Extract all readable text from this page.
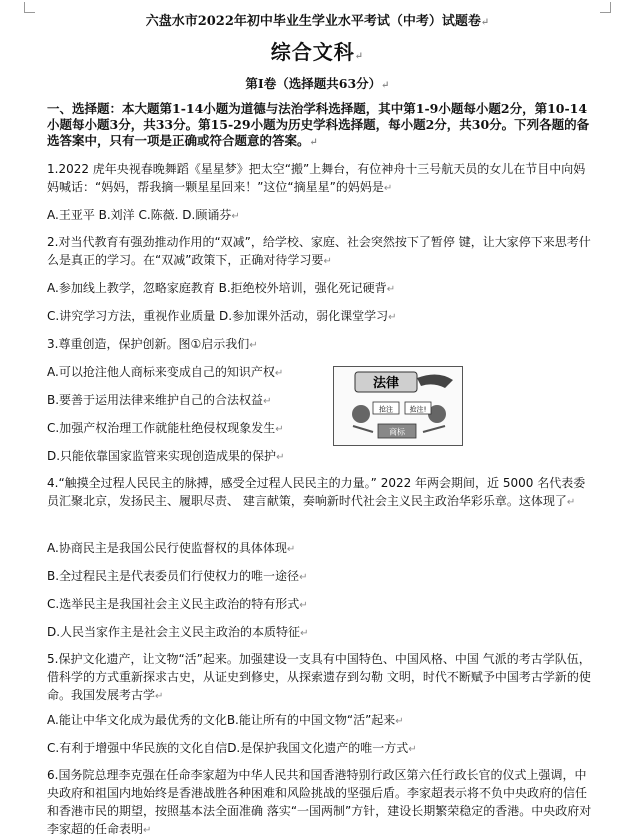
六盘水市2022年初中毕业生学业水平考试（中考）试题卷↵
综合文科↵
第Ⅰ卷（选择题共63分）↵
一、选择题：本大题第1-14小题为道德与法治学科选择题，其中第1-9小题每小题2分，第10-14小题每小题3分，共33分。第15-29小题为历史学科选择题，每小题2分，共30分。下列各题的备选答案中，只有一项是正确或符合题意的答案。↵
1.2022 虎年央视春晚舞蹈《星星梦》把太空“搬”上舞台，有位神舟十三号航天员的女儿在节目中向妈妈喊话：“妈妈，帮我摘一颗星星回来！”这位“摘星星”的妈妈是↵
A.王亚平 B.刘洋 C.陈薇. D.顾诵芬↵
2.对当代教育有强劲推动作用的“双减”，给学校、家庭、社会突然按下了暂停 键，让大家停下来思考什么是真正的学习。在“双减”政策下，正确对待学习要↵
A.参加线上教学，忽略家庭教育 B.拒绝校外培训，强化死记硬背↵
C.讲究学习方法，重视作业质量 D.参加课外活动，弱化课堂学习↵
3.尊重创造，保护创新。图①启示我们↵
A.可以抢注他人商标来变成自己的知识产权↵
B.要善于运用法律来维护自己的合法权益↵
C.加强产权治理工作就能杜绝侵权现象发生↵
D.只能依靠国家监管来实现创造成果的保护↵
法律
抢注 抢注!
商标
4.“触摸全过程人民民主的脉搏，感受全过程人民民主的力量。” 2022 年两会期间，近 5000 名代表委员汇聚北京，发扬民主、履职尽责、 建言献策，奏响新时代社会主义民主政治华彩乐章。这体现了↵
A.协商民主是我国公民行使监督权的具体体现↵
B.全过程民主是代表委员们行使权力的唯一途径↵
C.选举民主是我国社会主义民主政治的特有形式↵
D.人民当家作主是社会主义民主政治的本质特征↵
5.保护文化遗产，让文物“活”起来。加强建设一支具有中国特色、中国风格、中国 气派的考古学队伍，借科学的方式重新探求古史，从证史到修史，从探索遗存到勾勒 文明，时代不断赋予中国考古学新的使命。我国发展考古学↵
A.能让中华文化成为最优秀的文化B.能让所有的中国文物“活”起来↵
C.有利于增强中华民族的文化自信D.是保护我国文化遗产的唯一方式↵
6.国务院总理李克强在任命李家超为中华人民共和国香港特别行政区第六任行政长官的仪式上强调，中央政府和祖国内地始终是香港战胜各种困难和风险挑战的坚强后盾。李家超表示将不负中央政府的信任和香港市民的期望，按照基本法全面准确 落实“一国两制”方针，建设长期繁荣稳定的香港。中央政府对李家超的任命表明↵
